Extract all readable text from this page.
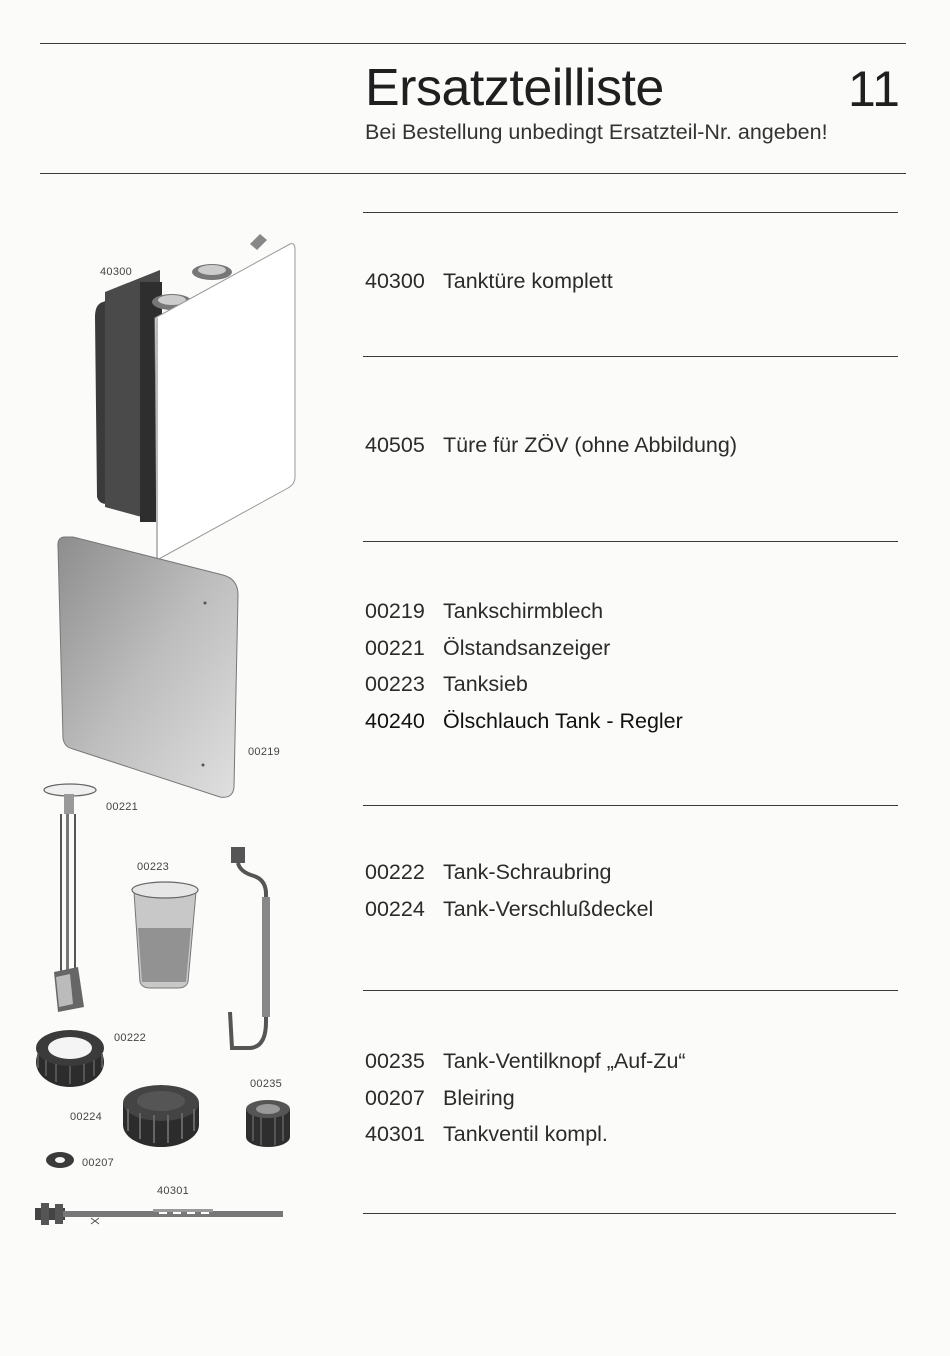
Ersatzteilliste	11
Bei Bestellung unbedingt Ersatzteil-Nr. angeben!
40300 Tanktüre komplett
40505 Türe für ZÖV (ohne Abbildung)
00219 Tankschirmblech
00221 Ölstandsanzeiger
00223 Tanksieb
40240 Ölschlauch Tank - Regler
00222 Tank-Schraubring
00224 Tank-Verschlußdeckel
00235 Tank-Ventilknopf „Auf-Zu“
00207 Bleiring
40301 Tankventil kompl.
40300
00219
00221
00223
00222
00224
00235
00207
40301
